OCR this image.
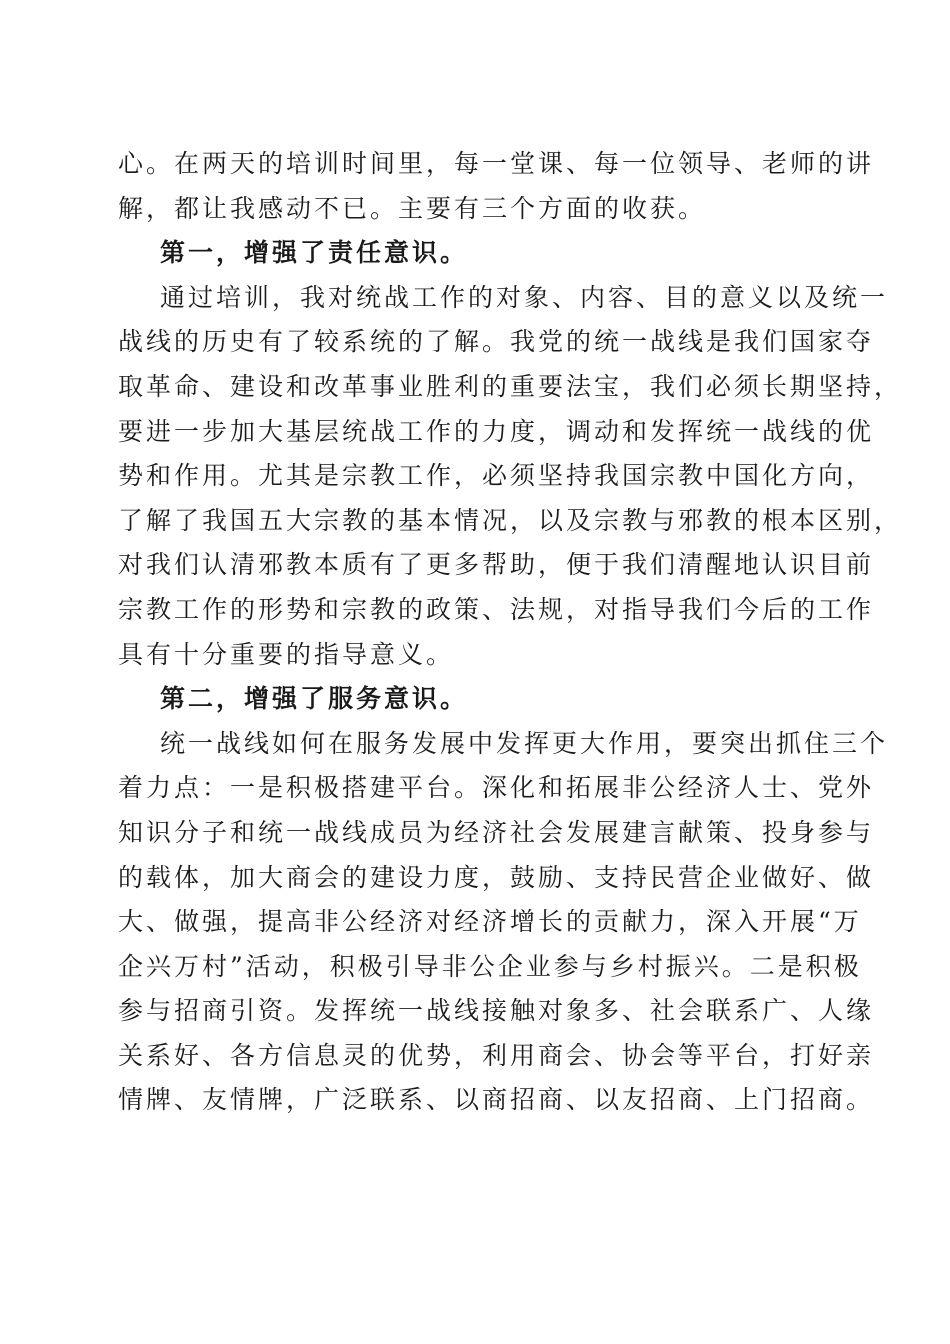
心。在两天的培训时间里，每一堂课、每一位领导、老师的讲
解，都让我感动不已。主要有三个方面的收获。
第一，增强了责任意识。
通过培训，我对统战工作的对象、内容、目的意义以及统一
战线的历史有了较系统的了解。我党的统一战线是我们国家夺
取革命、建设和改革事业胜利的重要法宝，我们必须长期坚持，
要进一步加大基层统战工作的力度，调动和发挥统一战线的优
势和作用。尤其是宗教工作，必须坚持我国宗教中国化方向，
了解了我国五大宗教的基本情况，以及宗教与邪教的根本区别，
对我们认清邪教本质有了更多帮助，便于我们清醒地认识目前
宗教工作的形势和宗教的政策、法规，对指导我们今后的工作
具有十分重要的指导意义。
第二，增强了服务意识。
统一战线如何在服务发展中发挥更大作用，要突出抓住三个
着力点：一是积极搭建平台。深化和拓展非公经济人士、党外
知识分子和统一战线成员为经济社会发展建言献策、投身参与
的载体，加大商会的建设力度，鼓励、支持民营企业做好、做
大、做强，提高非公经济对经济增长的贡献力，深入开展“万
企兴万村”活动，积极引导非公企业参与乡村振兴。二是积极
参与招商引资。发挥统一战线接触对象多、社会联系广、人缘
关系好、各方信息灵的优势，利用商会、协会等平台，打好亲
情牌、友情牌，广泛联系、以商招商、以友招商、上门招商。
